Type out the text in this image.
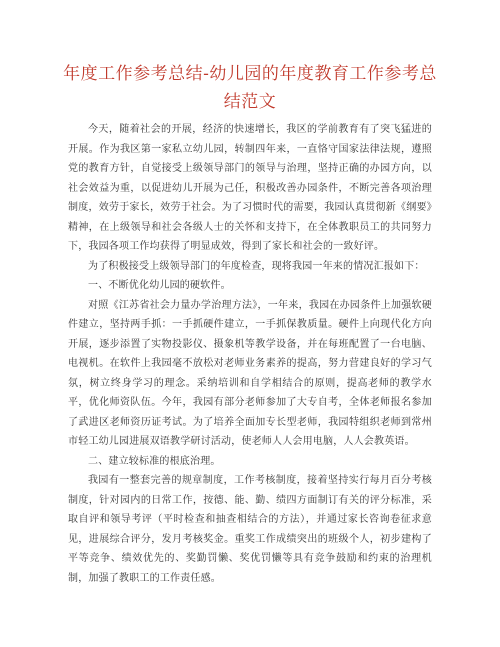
年度工作参考总结-幼儿园的年度教育工作参考总结范文

今天，随着社会的开展，经济的快速增长，我区的学前教育有了突飞猛进的开展。作为我区第一家私立幼儿园，转制四年来，一直恪守国家法律法规，遵照党的教育方针，自觉接受上级领导部门的领导与治理，坚持正确的办园方向，以社会效益为重，以促进幼儿开展为己任，积极改善办园条件，不断完善各项治理制度，效劳于家长，效劳于社会。为了习惯时代的需要，我园认真贯彻新《纲要》精神，在上级领导和社会各级人士的关怀和支持下，在全体教职员工的共同努力下，我园各项工作均获得了明显成效，得到了家长和社会的一致好评。

为了积极接受上级领导部门的年度检查，现将我园一年来的情况汇报如下：

一、不断优化幼儿园的硬软件。

对照《江苏省社会力量办学治理方法》，一年来，我园在办园条件上加强软硬件建立，坚持两手抓：一手抓硬件建立，一手抓保教质量。硬件上向现代化方向开展，逐步添置了实物投影仪、摄象机等教学设备，并在每班配置了一台电脑、电视机。在软件上我园毫不放松对老师业务素养的提高，努力营建良好的学习气氛，树立终身学习的理念。采纳培训和自学相结合的原则，提高老师的教学水平，优化师资队伍。今年，我园有部分老师参加了大专自考，全体老师报名参加了武进区老师资历证考试。为了培养全面加专长型老师，我园特组织老师到常州市轻工幼儿园进展双语教学研讨活动，使老师人人会用电脑，人人会教英语。

二、建立较标准的根底治理。

我园有一整套完善的规章制度，工作考核制度，接着坚持实行每月百分考核制度，针对园内的日常工作，按德、能、勤、绩四方面制订有关的评分标准，采取自评和领导考评（平时检查和抽查相结合的方法），并通过家长咨询卷征求意见，进展综合评分，发月考核奖金。重奖工作成绩突出的班级个人，初步建构了平等竞争、绩效优先的、奖勤罚懒、奖优罚懒等具有竞争鼓励和约束的治理机制，加强了教职工的工作责任感。
